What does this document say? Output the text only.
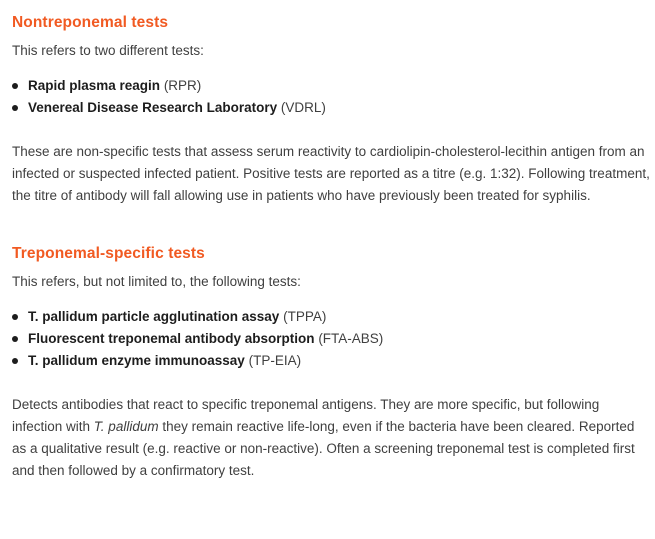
Nontreponemal tests

This refers to two different tests:

Rapid plasma reagin (RPR)
Venereal Disease Research Laboratory (VDRL)

These are non-specific tests that assess serum reactivity to cardiolipin-cholesterol-lecithin antigen from an infected or suspected infected patient. Positive tests are reported as a titre (e.g. 1:32). Following treatment, the titre of antibody will fall allowing use in patients who have previously been treated for syphilis.

Treponemal-specific tests

This refers, but not limited to, the following tests:

T. pallidum particle agglutination assay (TPPA)
Fluorescent treponemal antibody absorption (FTA-ABS)
T. pallidum enzyme immunoassay (TP-EIA)

Detects antibodies that react to specific treponemal antigens. They are more specific, but following infection with T. pallidum they remain reactive life-long, even if the bacteria have been cleared. Reported as a qualitative result (e.g. reactive or non-reactive). Often a screening treponemal test is completed first and then followed by a confirmatory test.
